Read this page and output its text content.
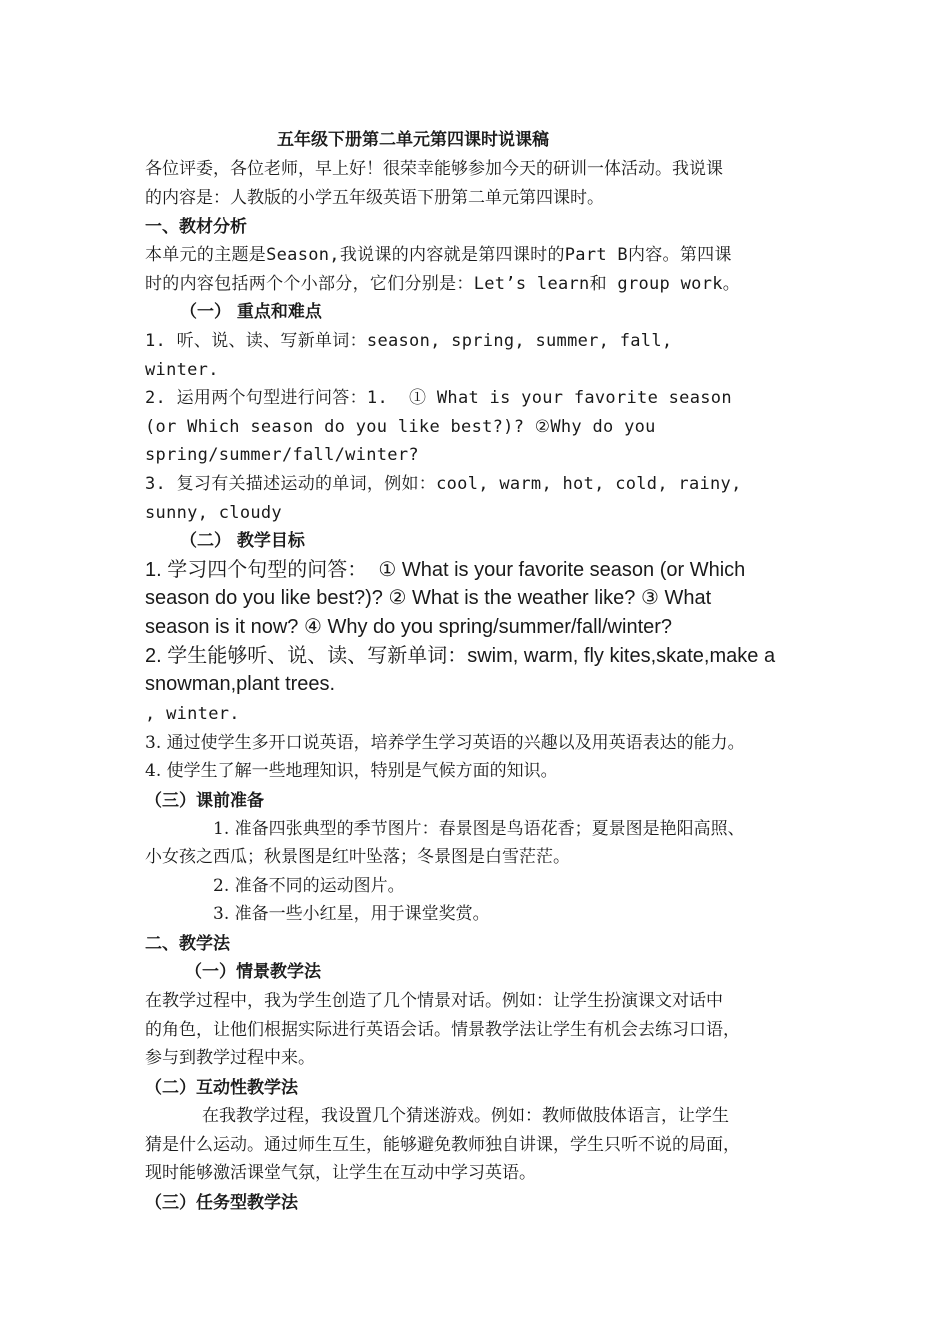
五年级下册第二单元第四课时说课稿
各位评委，各位老师，早上好！很荣幸能够参加今天的研训一体活动。我说课
的内容是：人教版的小学五年级英语下册第二单元第四课时。
一、教材分析
本单元的主题是Season,我说课的内容就是第四课时的Part B内容。第四课
时的内容包括两个个小部分，它们分别是：Let’s learn和 group work。
（一） 重点和难点
1. 听、说、读、写新单词：season, spring, summer, fall,
winter.
2. 运用两个句型进行问答：1.  ① What is your favorite season
(or Which season do you like best?)? ②Why do you
spring/summer/fall/winter?
3. 复习有关描述运动的单词，例如：cool, warm, hot, cold, rainy,
sunny, cloudy
（二） 教学目标
1. 学习四个句型的问答：  ① What is your favorite season (or Which
season do you like best?)? ② What is the weather like? ③ What
season is it now? ④ Why do you spring/summer/fall/winter?
2. 学生能够听、说、读、写新单词：swim, warm, fly kites,skate,make a
snowman,plant trees.
, winter.
3. 通过使学生多开口说英语，培养学生学习英语的兴趣以及用英语表达的能力。
4. 使学生了解一些地理知识，特别是气候方面的知识。
（三）课前准备
1. 准备四张典型的季节图片：春景图是鸟语花香；夏景图是艳阳高照、
小女孩之西瓜；秋景图是红叶坠落；冬景图是白雪茫茫。
2. 准备不同的运动图片。
3. 准备一些小红星，用于课堂奖赏。
二、教学法
（一）情景教学法
在教学过程中，我为学生创造了几个情景对话。例如：让学生扮演课文对话中
的角色，让他们根据实际进行英语会话。情景教学法让学生有机会去练习口语，
参与到教学过程中来。
（二）互动性教学法
在我教学过程，我设置几个猜迷游戏。例如：教师做肢体语言，让学生
猜是什么运动。通过师生互生，能够避免教师独自讲课，学生只听不说的局面，
现时能够激活课堂气氛，让学生在互动中学习英语。
（三）任务型教学法
